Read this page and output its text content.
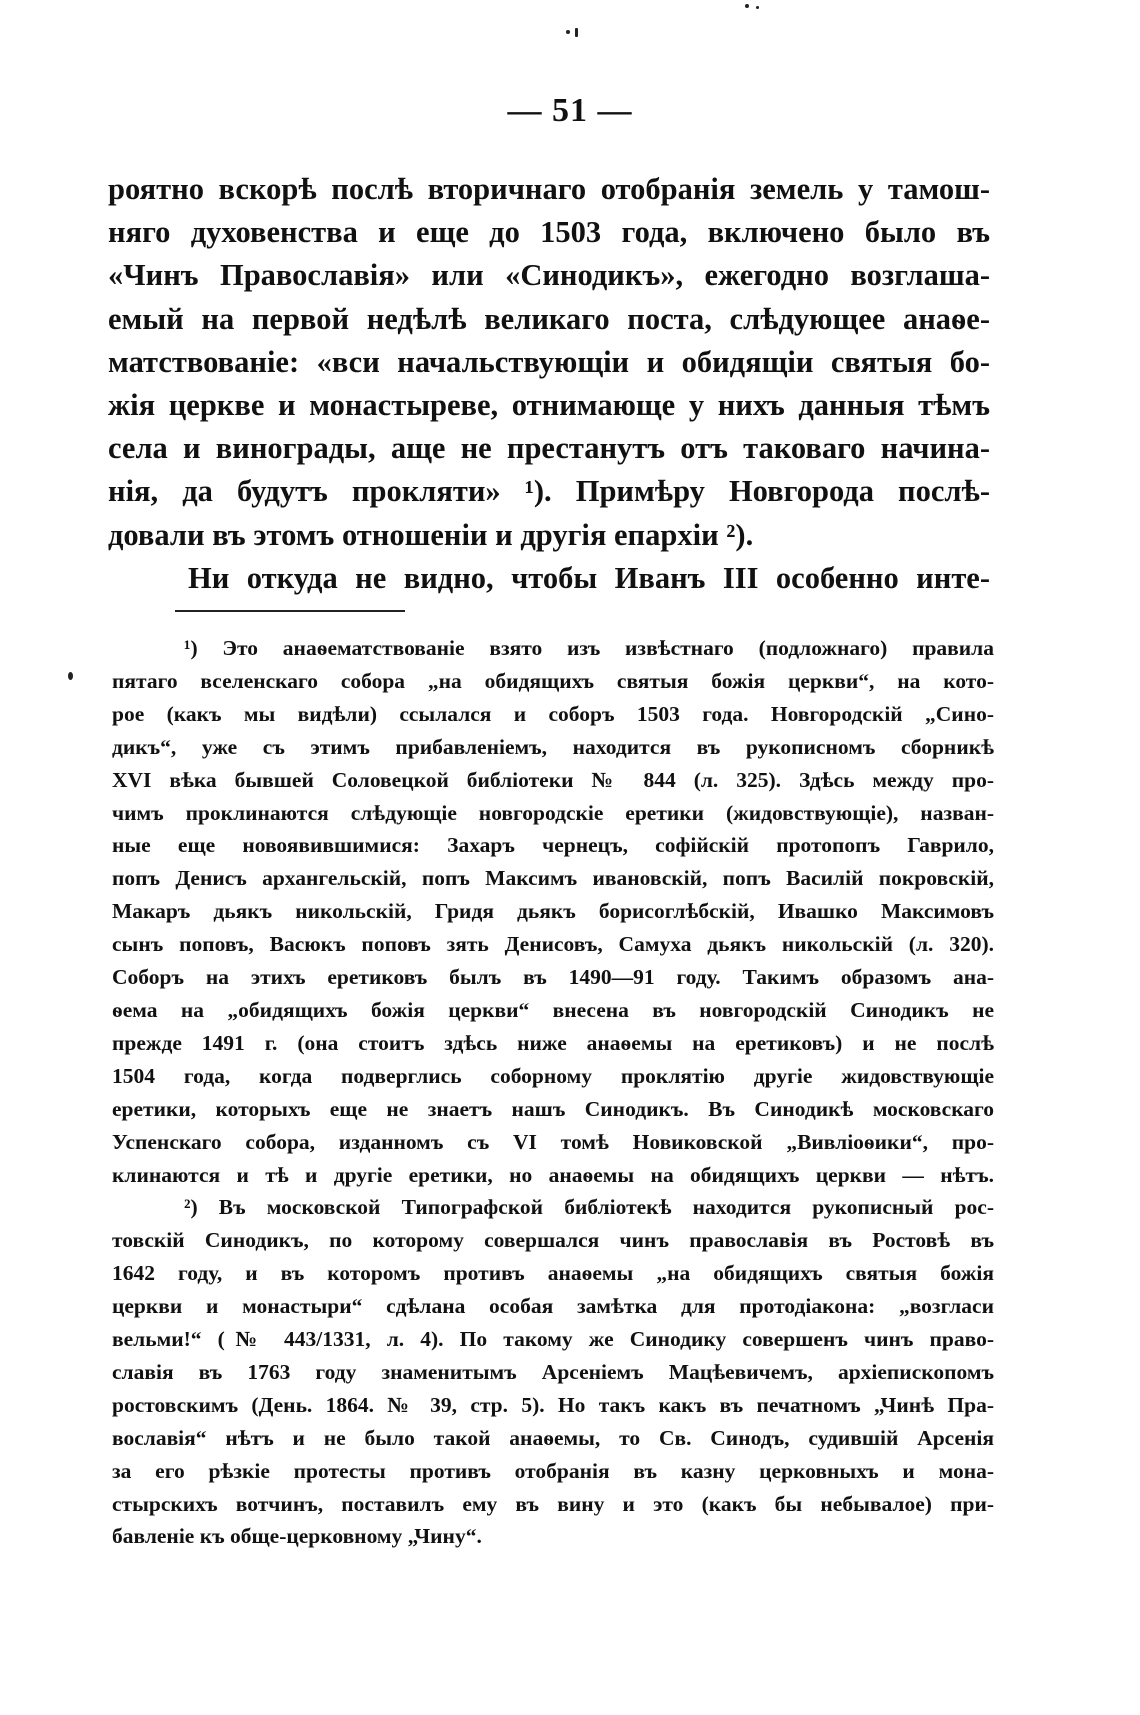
— 51 —
роятно вскорѣ послѣ вторичнаго отобранія земель у тамош-
няго духовенства и еще до 1503 года, включено было въ
«Чинъ Православія» или «Синодикъ», ежегодно возглаша-
емый на первой недѣлѣ великаго поста, слѣдующее анаѳе-
матствованіе: «вси начальствующіи и обидящіи святыя бо-
жія церкве и монастыреве, отнимающе у нихъ данныя тѣмъ
села и винограды, аще не престанутъ отъ таковаго начина-
нія, да будутъ прокляти» ¹). Примѣру Новгорода послѣ-
довали въ этомъ отношеніи и другія епархіи ²).
Ни откуда не видно, чтобы Иванъ III особенно инте-
¹) Это анаѳематствованіе взято изъ извѣстнаго (подложнаго) правила
пятаго вселенскаго собора „на обидящихъ святыя божія церкви“, на кото-
рое (какъ мы видѣли) ссылался и соборъ 1503 года. Новгородскій „Сино-
дикъ“, уже съ этимъ прибавленіемъ, находится въ рукописномъ сборникѣ
XVI вѣка бывшей Соловецкой библіотеки № 844 (л. 325). Здѣсь между про-
чимъ проклинаются слѣдующіе новгородскіе еретики (жидовствующіе), назван-
ные еще новоявившимися: Захаръ чернецъ, софійскій протопопъ Гаврило,
попъ Денисъ архангельскій, попъ Максимъ ивановскій, попъ Василій покровскій,
Макаръ дьякъ никольскій, Гридя дьякъ борисоглѣбскій, Ивашко Максимовъ
сынъ поповъ, Васюкъ поповъ зять Денисовъ, Самуха дьякъ никольскій (л. 320).
Соборъ на этихъ еретиковъ былъ въ 1490—91 году. Такимъ образомъ ана-
ѳема на „обидящихъ божія церкви“ внесена въ новгородскій Синодикъ не
прежде 1491 г. (она стоитъ здѣсь ниже анаѳемы на еретиковъ) и не послѣ
1504 года, когда подверглись соборному проклятію другіе жидовствующіе
еретики, которыхъ еще не знаетъ нашъ Синодикъ. Въ Синодикѣ московскаго
Успенскаго собора, изданномъ съ VI томѣ Новиковской „Вивліоѳики“, про-
клинаются и тѣ и другіе еретики, но анаѳемы на обидящихъ церкви — нѣтъ.
²) Въ московской Типографской библіотекѣ находится рукописный рос-
товскій Синодикъ, по которому совершался чинъ православія въ Ростовѣ въ
1642 году, и въ которомъ противъ анаѳемы „на обидящихъ святыя божія
церкви и монастыри“ сдѣлана особая замѣтка для протодіакона: „возгласи
вельми!“ (№ 443/1331, л. 4). По такому же Синодику совершенъ чинъ право-
славія въ 1763 году знаменитымъ Арсеніемъ Мацѣевичемъ, архіепископомъ
ростовскимъ (День. 1864. № 39, стр. 5). Но такъ какъ въ печатномъ „Чинѣ Пра-
вославія“ нѣтъ и не было такой анаѳемы, то Св. Синодъ, судившій Арсенія
за его рѣзкіе протесты противъ отобранія въ казну церковныхъ и мона-
стырскихъ вотчинъ, поставилъ ему въ вину и это (какъ бы небывалое) при-
бавленіе къ обще-церковному „Чину“.
